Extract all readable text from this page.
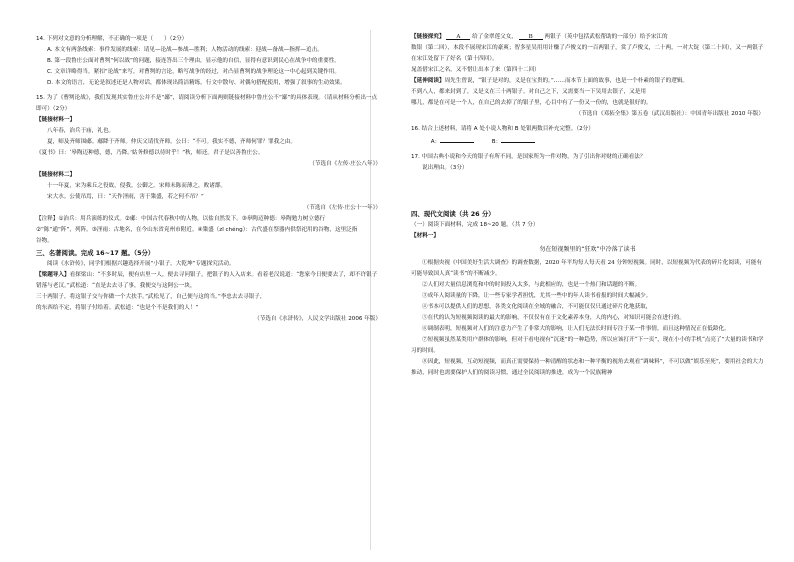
14. 下列对文意的分析理解，不正确的一项是（　　）（2分）

A. 本文有两条线索：事件发展的线索：请见—论战—参战—胜利；人物活动的线索：迎战—备战—指挥—追击。

B. 第一段鲁庄公面对曹刿“何以战”的问题，接连答出三个理由，显示他的自信，显得有意识到民心在战争中的重要性。

C. 文章详略得当。紧扣“论战”来写，对曹刿的言论，略写战争的经过，对凸显曹刿的战争理论这一中心起到关键作用。

D. 本文的语言，无论是叙述还是人物对话，都体现出简洁精练。行文中散句、对偶句搭配使用，增强了叙事的生动效果。

15. 为了《曹刿论战》，我们发现其实鲁庄公并不是“鄙”，请阅读分析下面两则链接材料中鲁庄公不“鄙”的具体表现。（请从材料分析出一点即可）（2分）

【链接材料一】

八年春，治兵于庙，礼也。

夏，师及齐师围郕。郕降于齐师。仲庆父请伐齐师。公曰：“不可。我实不德，齐师何罪？罪我之由。

《夏书》曰：‘皋陶迈种德，德，乃降。’姑务修德以待时乎！”秋，师还。君子是以善鲁庄公。

（节选自《左传·庄公八年》）

【链接材料二】

十一年夏，宋为乘丘之役故，侵我。公御之。宋师未陈而薄之，败诸鄑。

宋大水。公使吊焉，曰：“天作淫雨，害于粢盛，若之何不吊？”

（节选自《左传·庄公十一年》）

【注释】①治兵：用兵演练的仪式。②郕：中国古代春秋中的人物，以盐自然发下。③皋陶迈种德：皋陶勉力树立德行

②“陈”通“阵”，列阵。③淫雨：古地名，在今山东省兖州市附近。④粢盛（zī chéng）：古代盛在祭器内供祭祀用的谷物，这里泛指

谷物。

三、名著阅读。完成 16~17 题。（5分）

阅读《水浒传》，同学们根据兴趣选择开展“小银子，大乾坤”专题探究活动。

【梁题导入】看探梁山：“不多时辰，便有店里一人，便去寻问银子，把银子的人入店来。看着老汉说道：“您家今日便要去了，却不许银子错落与老汉。”武松道：“直是去去寻了事，我便交与这阿公一块，

三十两银子，将这银子交与你做一个大扶手。”武松见了，自己便与这的当。”李忠去去寻银子，

的东西给不定，将银子付给着。武松道：“也是个不是我们的人！”

（节选自《水浒传》，人民文学出版社 2006 年版）

【链接探究】 A 给了金翠莲父女， B 两银子（英中包括武松帮助的一部分）给予宋江的

数银（第二回），本段不展现宋江的豪爽；智多星吴用用计赚了卢俊义的一百两银子，赏了卢俊义，二十两，一对大锭（第二十回），又一两银子在宋江处留下了好名（第十四回）。

晁盖借宋江之名，又不惜让出本了来（第四十二回）

【延伸阅读】周先生曾说，“银子是对的，义是在宝贵的。”……而本节上面的故事，也是一个朴素的银子的逻辑。

不到八人，都来封到了，义是义在三十两银子。对自己之下，又需要当一下吴用去银子，又是用

哪儿，都是在可是一个人，在自己的去掉了的银子里，心目中有了一份又一份的，也就是很好的。

（节选自《邓拓全集》第五卷（武汉出版社）：中国青年出版社 2010 年版）

16. 结合上述材料，请将 A 处小说人物和 B 处银两数目补充完整。（2分）

A：	B：

17. 中国古典小说和今天的银子有所不同，是国家所为一件对物，为了引出你对财的正确看法？

说出理由。（3分）

四、现代文阅读（共 26 分）

（一）阅读下面材料，完成 18~20 题。（共 7 分）

【材料一】

勿在短视频里的“狂欢”中冷落了读书

①根据央视《中国美好生活大调查》的调查数据，2020 年平均每人每天看 24 分钟短视频。同时，以短视频为代表的碎片化阅读，可能有可能导致国人真“读书”的不断减少。

②人们对大量信息浏览和中的时间投入太多，与此相应的，也是一个热门和话题的不断。

③成年人阅读量的下降，让一些专家学者担忧，尤其一些中的年人读书看报的时间大幅减少。

④书本可以提供人们的思想，各类文化阅读在全域的融合，不可能仅仅只通过碎片化地获取，

⑤在代的认为短视频阅读的最大的影响，不仅仅有在于文化素养本身，人的内心，对知识可能会在进行的。

⑥调制表明，短视频对人们的注意力产生了非常大的影响，让人们无法长时间专注于某一件事情，而且这种情况正在低龄化。

⑦短视频虽然某类用户群体的影响，但对于看电视有“沉迷”的一种趋势，所以应该打开“下一页”，现在小小的手机“点亮了”大量的读书和学习的时间。

⑧因此，短视频，互动短视频，而真正需要保持一种清醒的状态和一种平衡的视角去观看“调味料”，不可以做“娱乐至死”，要用社会的大力推动，同时也需要保护人们的阅读习惯，通过全民阅读的推进，成为一个民族精神
